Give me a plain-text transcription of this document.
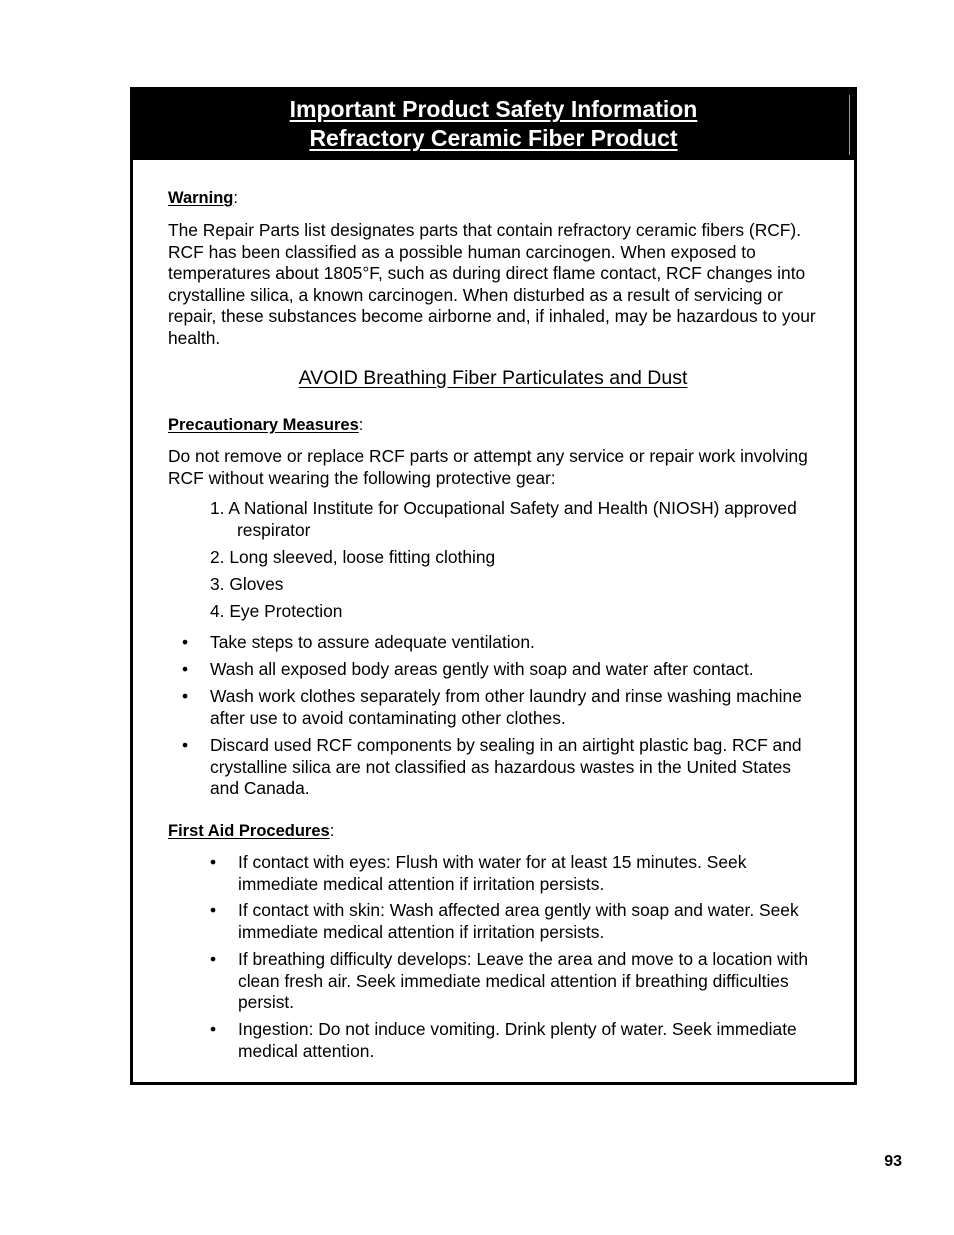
Important Product Safety Information
Refractory Ceramic Fiber Product
Warning:
The Repair Parts list designates parts that contain refractory ceramic fibers (RCF). RCF has been classified as a possible human carcinogen. When exposed to temperatures about 1805°F, such as during direct flame contact, RCF changes into crystalline silica, a known carcinogen. When disturbed as a result of servicing or repair, these substances become airborne and, if inhaled, may be hazardous to your health.
AVOID Breathing Fiber Particulates and Dust
Precautionary Measures:
Do not remove or replace RCF parts or attempt any service or repair work involving RCF without wearing the following protective gear:
1. A National Institute for Occupational Safety and Health (NIOSH) approved respirator
2. Long sleeved, loose fitting clothing
3. Gloves
4. Eye Protection
• Take steps to assure adequate ventilation.
• Wash all exposed body areas gently with soap and water after contact.
• Wash work clothes separately from other laundry and rinse washing machine after use to avoid contaminating other clothes.
• Discard used RCF components by sealing in an airtight plastic bag. RCF and crystalline silica are not classified as hazardous wastes in the United States and Canada.
First Aid Procedures:
• If contact with eyes: Flush with water for at least 15 minutes. Seek immediate medical attention if irritation persists.
• If contact with skin: Wash affected area gently with soap and water. Seek immediate medical attention if irritation persists.
• If breathing difficulty develops: Leave the area and move to a location with clean fresh air. Seek immediate medical attention if breathing difficulties persist.
• Ingestion: Do not induce vomiting. Drink plenty of water. Seek immediate medical attention.
93
